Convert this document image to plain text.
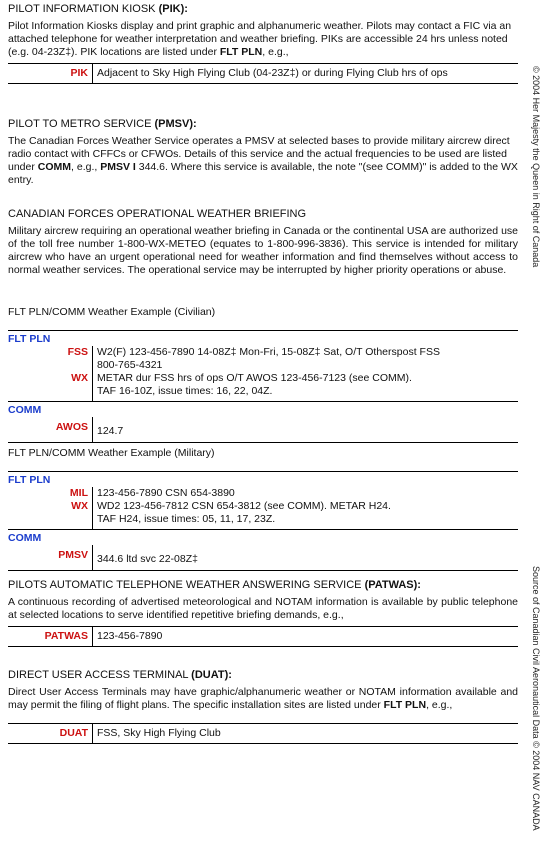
PILOT INFORMATION KIOSK (PIK):

Pilot Information Kiosks display and print graphic and alphanumeric weather. Pilots may contact a FIC via an attached telephone for weather interpretation and weather briefing. PIKs are accessible 24 hrs unless noted (e.g. 04-23Z‡). PIK locations are listed under FLT PLN, e.g.,

PIK	Adjacent to Sky High Flying Club (04-23Z‡) or during Flying Club hrs of ops

PILOT TO METRO SERVICE (PMSV):

The Canadian Forces Weather Service operates a PMSV at selected bases to provide military aircrew direct radio contact with CFFCs or CFWOs. Details of this service and the actual frequencies to be used are listed under COMM, e.g., PMSV I 344.6. Where this service is available, the note "(see COMM)" is added to the WX entry.

CANADIAN FORCES OPERATIONAL WEATHER BRIEFING

Military aircrew requiring an operational weather briefing in Canada or the continental USA are authorized use of the toll free number 1-800-WX-METEO (equates to 1-800-996-3836). This service is intended for military aircrew who have an urgent operational need for weather information and find themselves without access to normal weather services. The operational service may be interrupted by higher priority operations or abuse.

FLT PLN/COMM Weather Example (Civilian)

FLT PLN
FSS	W2(F) 123-456-7890 14-08Z‡ Mon-Fri, 15-08Z‡ Sat, O/T Otherspost FSS
800-765-4321

WX	METAR dur FSS hrs of ops O/T AWOS 123-456-7123 (see COMM).
TAF 16-10Z, issue times: 16, 22, 04Z.
COMM
AWOS	124.7

FLT PLN/COMM Weather Example (Military)

FLT PLN
MIL	123-456-7890 CSN 654-3890
WX	WD2 123-456-7812 CSN 654-3812 (see COMM). METAR H24.
TAF H24, issue times: 05, 11, 17, 23Z.
COMM
PMSV	344.6 ltd svc 22-08Z‡

PILOTS AUTOMATIC TELEPHONE WEATHER ANSWERING SERVICE (PATWAS):

A continuous recording of advertised meteorological and NOTAM information is available by public telephone at selected locations to serve identified repetitive briefing demands, e.g.,

PATWAS	123-456-7890

DIRECT USER ACCESS TERMINAL (DUAT):

Direct User Access Terminals may have graphic/alphanumeric weather or NOTAM information available and may permit the filing of flight plans. The specific installation sites are listed under FLT PLN, e.g.,

DUAT	FSS, Sky High Flying Club
© 2004 Her Majesty the Queen in Right of Canada
Source of Canadian Civil Aeronautical Data © 2004 NAV CANADA
